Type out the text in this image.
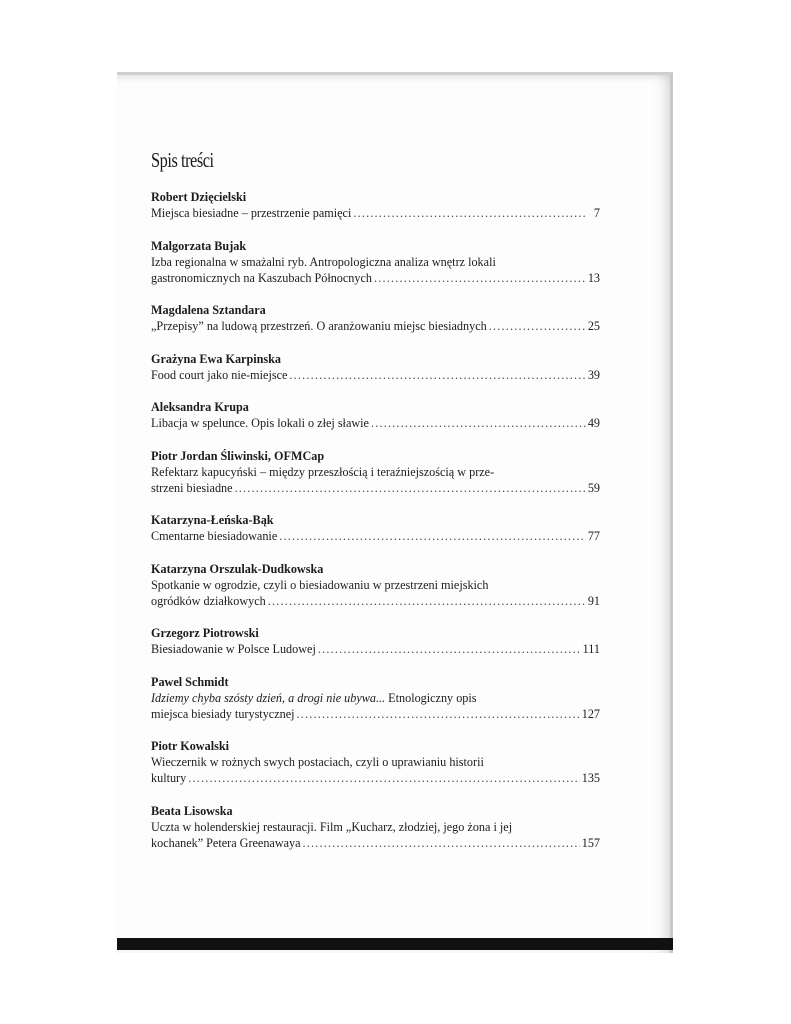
Spis treści
Robert Dzięcielski
Miejsca biesiadne – przestrzenie pamięci .....	7
Malgorzata Bujak
Izba regionalna w smażalni ryb. Antropologiczna analiza wnętrz lokali
gastronomicznych na Kaszubach Północnych .....	13
Magdalena Sztandara
„Przepisy” na ludową przestrzeń. O aranżowaniu miejsc biesiadnych .....	25
Grażyna Ewa Karpinska
Food court jako nie-miejsce .....	39
Aleksandra Krupa
Libacja w spelunce. Opis lokali o złej sławie .....	49
Piotr Jordan Śliwinski, OFMCap
Refektarz kapucyński – między przeszłością i teraźniejszością w prze-
strzeni biesiadne .....	59
Katarzyna-Łeńska-Bąk
Cmentarne biesiadowanie .....	77
Katarzyna Orszulak-Dudkowska
Spotkanie w ogrodzie, czyli o biesiadowaniu w przestrzeni miejskich
ogródków działkowych .....	91
Grzegorz Piotrowski
Biesiadowanie w Polsce Ludowej .....	111
Pawel Schmidt
Idziemy chyba szósty dzień, a drogi nie ubywa... Etnologiczny opis
miejsca biesiady turystycznej .....	127
Piotr Kowalski
Wieczernik w rożnych swych postaciach, czyli o uprawianiu historii
kultury .....	135
Beata Lisowska
Uczta w holenderskiej restauracji. Film „Kucharz, złodziej, jego żona i jej
kochanek” Petera Greenawaya .....	157
